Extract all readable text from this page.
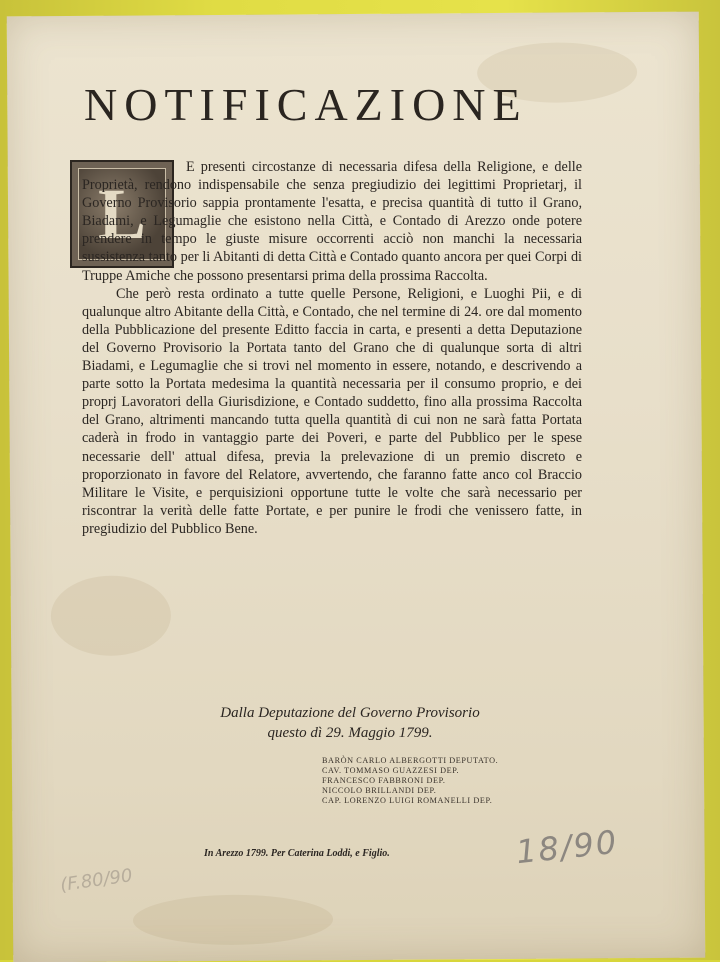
NOTIFICAZIONE
L

E presenti circostanze di necessaria difesa della Religione, e delle Proprietà, rendono indispensabile che senza pregiudizio dei legittimi Proprietarj, il Governo Provisorio sappia prontamente l'esatta, e precisa quantità di tutto il Grano, Biadami, e Legumaglie che esistono nella Città, e Contado di Arezzo onde potere prendere in tempo le giuste misure occorrenti acciò non manchi la necessaria sussistenza tanto per li Abitanti di detta Città e Contado quanto ancora per quei Corpi di Truppe Amiche che possono presentarsi prima della prossima Raccolta.

Che però resta ordinato a tutte quelle Persone, Religioni, e Luoghi Pii, e di qualunque altro Abitante della Città, e Contado, che nel termine di 24. ore dal momento della Pubblicazione del presente Editto faccia in carta, e presenti a detta Deputazione del Governo Provisorio la Portata tanto del Grano che di qualunque sorta di altri Biadami, e Legumaglie che si trovi nel momento in essere, notando, e descrivendo a parte sotto la Portata medesima la quantità necessaria per il consumo proprio, e dei proprj Lavoratori della Giurisdizione, e Contado suddetto, fino alla prossima Raccolta del Grano, altrimenti mancando tutta quella quantità di cui non ne sarà fatta Portata caderà in frodo in vantaggio parte dei Poveri, e parte del Pubblico per le spese necessarie dell' attual difesa, previa la prelevazione di un premio discreto e proporzionato in favore del Relatore, avvertendo, che faranno fatte anco col Braccio Militare le Visite, e perquisizioni opportune tutte le volte che sarà necessario per riscontrar la verità delle fatte Portate, e per punire le frodi che venissero fatte, in pregiudizio del Pubblico Bene.

Dalla Deputazione del Governo Provisorio
questo dì 29. Maggio 1799.
BARÒN CARLO ALBERGOTTI DEPUTATO.
CAV. TOMMASO GUAZZESI DEP.
FRANCESCO FABBRONI DEP.
NICCOLO BRILLANDI DEP.
CAP. LORENZO LUIGI ROMANELLI DEP.
In Arezzo 1799. Per Caterina Loddi, e Figlio.	18/90
(F.80/90
